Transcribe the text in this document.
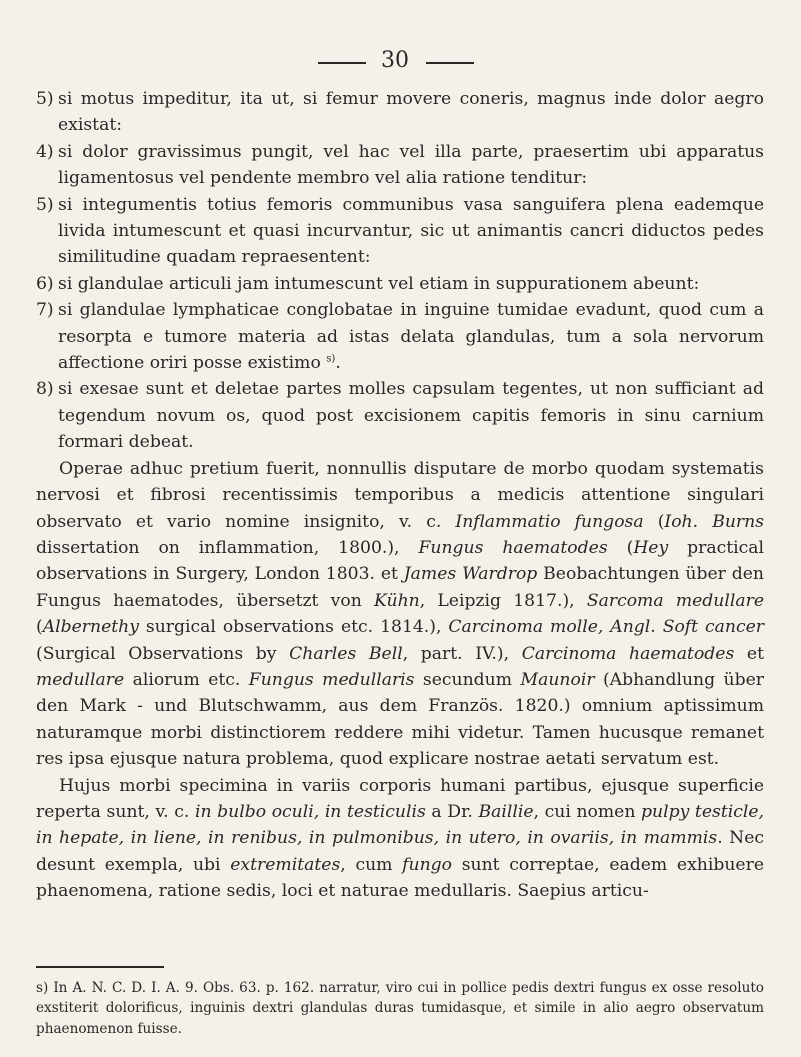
30
5) si motus impeditur, ita ut, si femur movere coneris, magnus inde dolor aegro existat:
4) si dolor gravissimus pungit, vel hac vel illa parte, praesertim ubi apparatus ligamentosus vel pendente membro vel alia ratione tenditur:
5) si integumentis totius femoris communibus vasa sanguifera plena eademque livida intumescunt et quasi incurvantur, sic ut animantis cancri diductos pedes similitudine quadam repraesentent:
6) si glandulae articuli jam intumescunt vel etiam in suppurationem abeunt:
7) si glandulae lymphaticae conglobatae in inguine tumidae evadunt, quod cum a resorpta e tumore materia ad istas delata glandulas, tum a sola nervorum affectione oriri posse existimo $^{s)}$.
8) si exesae sunt et deletae partes molles capsulam tegentes, ut non sufficiant ad tegendum novum os, quod post excisionem capitis femoris in sinu carnium formari debeat.

Operae adhuc pretium fuerit, nonnullis disputare de morbo quodam systematis nervosi et fibrosi recentissimis temporibus a medicis attentione singulari observato et vario nomine insignito, v. c. Inflammatio fungosa (Ioh. Burns dissertation on inflammation, 1800.), Fungus haematodes (Hey practical observations in Surgery, London 1803. et James Wardrop Beobachtungen über den Fungus haematodes, übersetzt von Kühn, Leipzig 1817.), Sarcoma medullare (Albernethy surgical observations etc. 1814.), Carcinoma molle, Angl. Soft cancer (Surgical Observations by Charles Bell, part. IV.), Carcinoma haematodes et medullare aliorum etc. Fungus medullaris secundum Maunoir (Abhandlung über den Mark - und Blutschwamm, aus dem Französ. 1820.) omnium aptissimum naturamque morbi distinctiorem reddere mihi videtur. Tamen hucusque remanet res ipsa ejusque natura problema, quod explicare nostrae aetati servatum est.

Hujus morbi specimina in variis corporis humani partibus, ejusque superficie reperta sunt, v. c. in bulbo oculi, in testiculis a Dr. Baillie, cui nomen pulpy testicle, in hepate, in liene, in renibus, in pulmonibus, in utero, in ovariis, in mammis. Nec desunt exempla, ubi extremitates, cum fungo sunt correptae, eadem exhibuere phaenomena, ratione sedis, loci et naturae medullaris. Saepius articu-

s) In A. N. C. D. I. A. 9. Obs. 63. p. 162. narratur, viro cui in pollice pedis dextri fungus ex osse resoluto exstiterit dolorificus, inguinis dextri glandulas duras tumidasque, et simile in alio aegro observatum phaenomenon fuisse.
